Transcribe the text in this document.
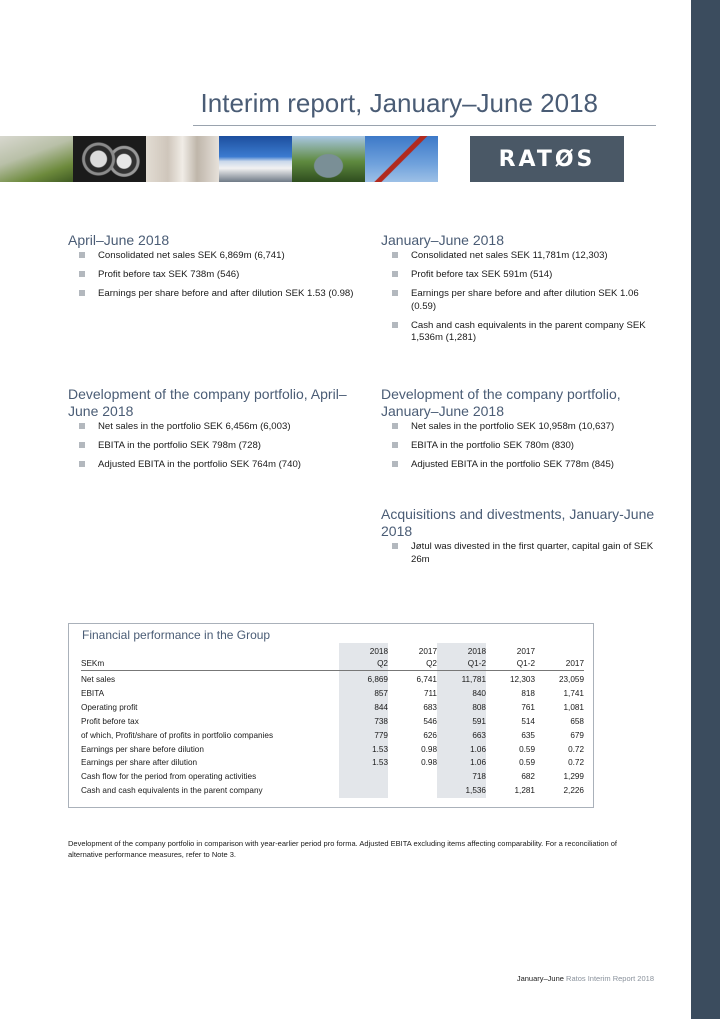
Interim report, January–June 2018
RATØS
April–June 2018
Consolidated net sales SEK 6,869m (6,741)
Profit before tax SEK 738m (546)
Earnings per share before and after dilution SEK 1.53 (0.98)
January–June 2018
Consolidated net sales SEK 11,781m (12,303)
Profit before tax SEK 591m (514)
Earnings per share before and after dilution SEK 1.06 (0.59)
Cash and cash equivalents in the parent company SEK 1,536m (1,281)
Development of the company portfolio, April–June 2018
Net sales in the portfolio SEK 6,456m (6,003)
EBITA in the portfolio SEK 798m (728)
Adjusted EBITA in the portfolio SEK 764m (740)
Development of the company portfolio, January–June 2018
Net sales in the portfolio SEK 10,958m (10,637)
EBITA in the portfolio SEK 780m (830)
Adjusted EBITA in the portfolio SEK 778m (845)
Acquisitions and divestments, January-June 2018
Jøtul was divested in the first quarter, capital gain of SEK 26m
Financial performance in the Group
	2018	2017	2018	2017	
SEKm	Q2	Q2	Q1-2	Q1-2	2017
Net sales	6,869	6,741	11,781	12,303	23,059
EBITA	857	711	840	818	1,741
Operating profit	844	683	808	761	1,081
Profit before tax	738	546	591	514	658
of which, Profit/share of profits in portfolio companies	779	626	663	635	679
Earnings per share before dilution	1.53	0.98	1.06	0.59	0.72
Earnings per share after dilution	1.53	0.98	1.06	0.59	0.72
Cash flow for the period from operating activities			718	682	1,299
Cash and cash equivalents in the parent company			1,536	1,281	2,226

Development of the company portfolio in comparison with year-earlier period pro forma. Adjusted EBITA excluding items affecting comparability. For a reconciliation of alternative performance measures, refer to Note 3.

January–June Ratos Interim Report 2018
